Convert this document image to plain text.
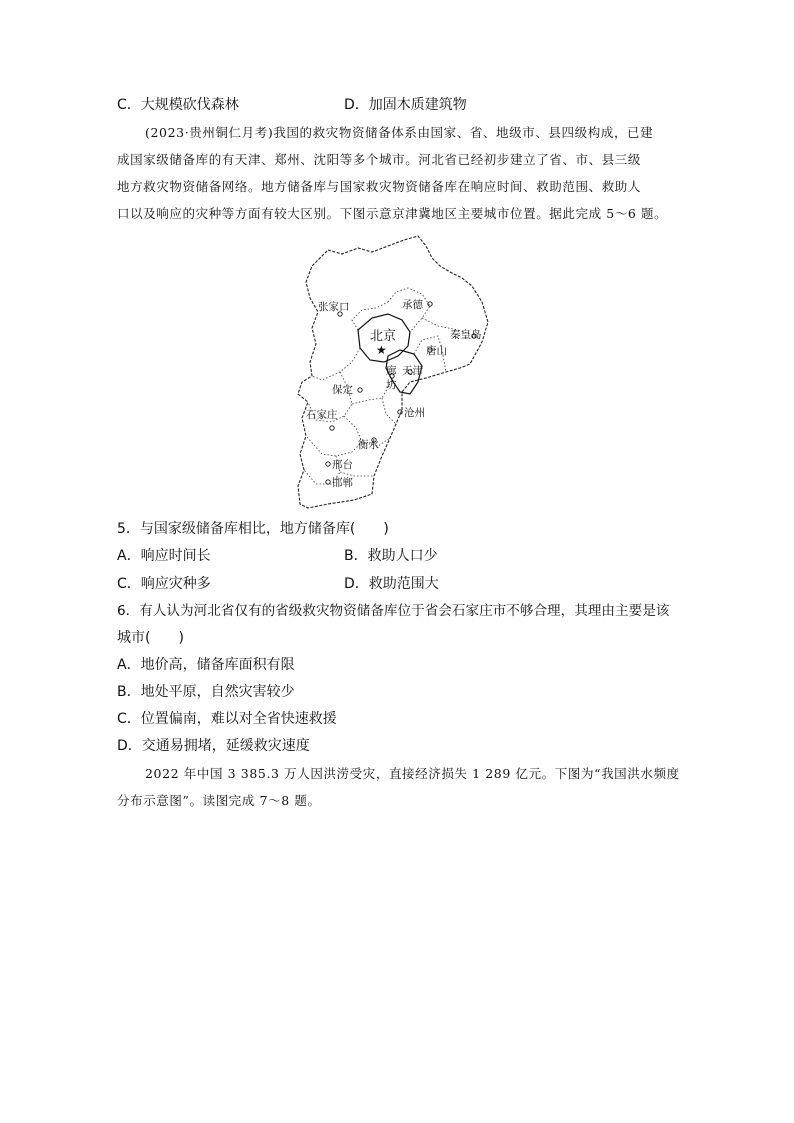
C．大规模砍伐森林	D．加固木质建筑物
(2023·贵州铜仁月考)我国的救灾物资储备体系由国家、省、地级市、县四级构成，已建
成国家级储备库的有天津、郑州、沈阳等多个城市。河北省已经初步建立了省、市、县三级
地方救灾物资储备网络。地方储备库与国家救灾物资储备库在响应时间、救助范围、救助人
口以及响应的灾种等方面有较大区别。下图示意京津冀地区主要城市位置。据此完成 5～6 题。
★
张家口	承德
北京	秦皇岛
唐山
廊
坊
天津
保定
石家庄	沧州
衡水
邢台
邯郸
5．与国家级储备库相比，地方储备库(　　)
A．响应时间长	B．救助人口少
C．响应灾种多	D．救助范围大
6．有人认为河北省仅有的省级救灾物资储备库位于省会石家庄市不够合理，其理由主要是该
城市(　　)
A．地价高，储备库面积有限
B．地处平原，自然灾害较少
C．位置偏南，难以对全省快速救援
D．交通易拥堵，延缓救灾速度
2022 年中国 3 385.3 万人因洪涝受灾，直接经济损失 1 289 亿元。下图为“我国洪水频度
分布示意图”。读图完成 7～8 题。
